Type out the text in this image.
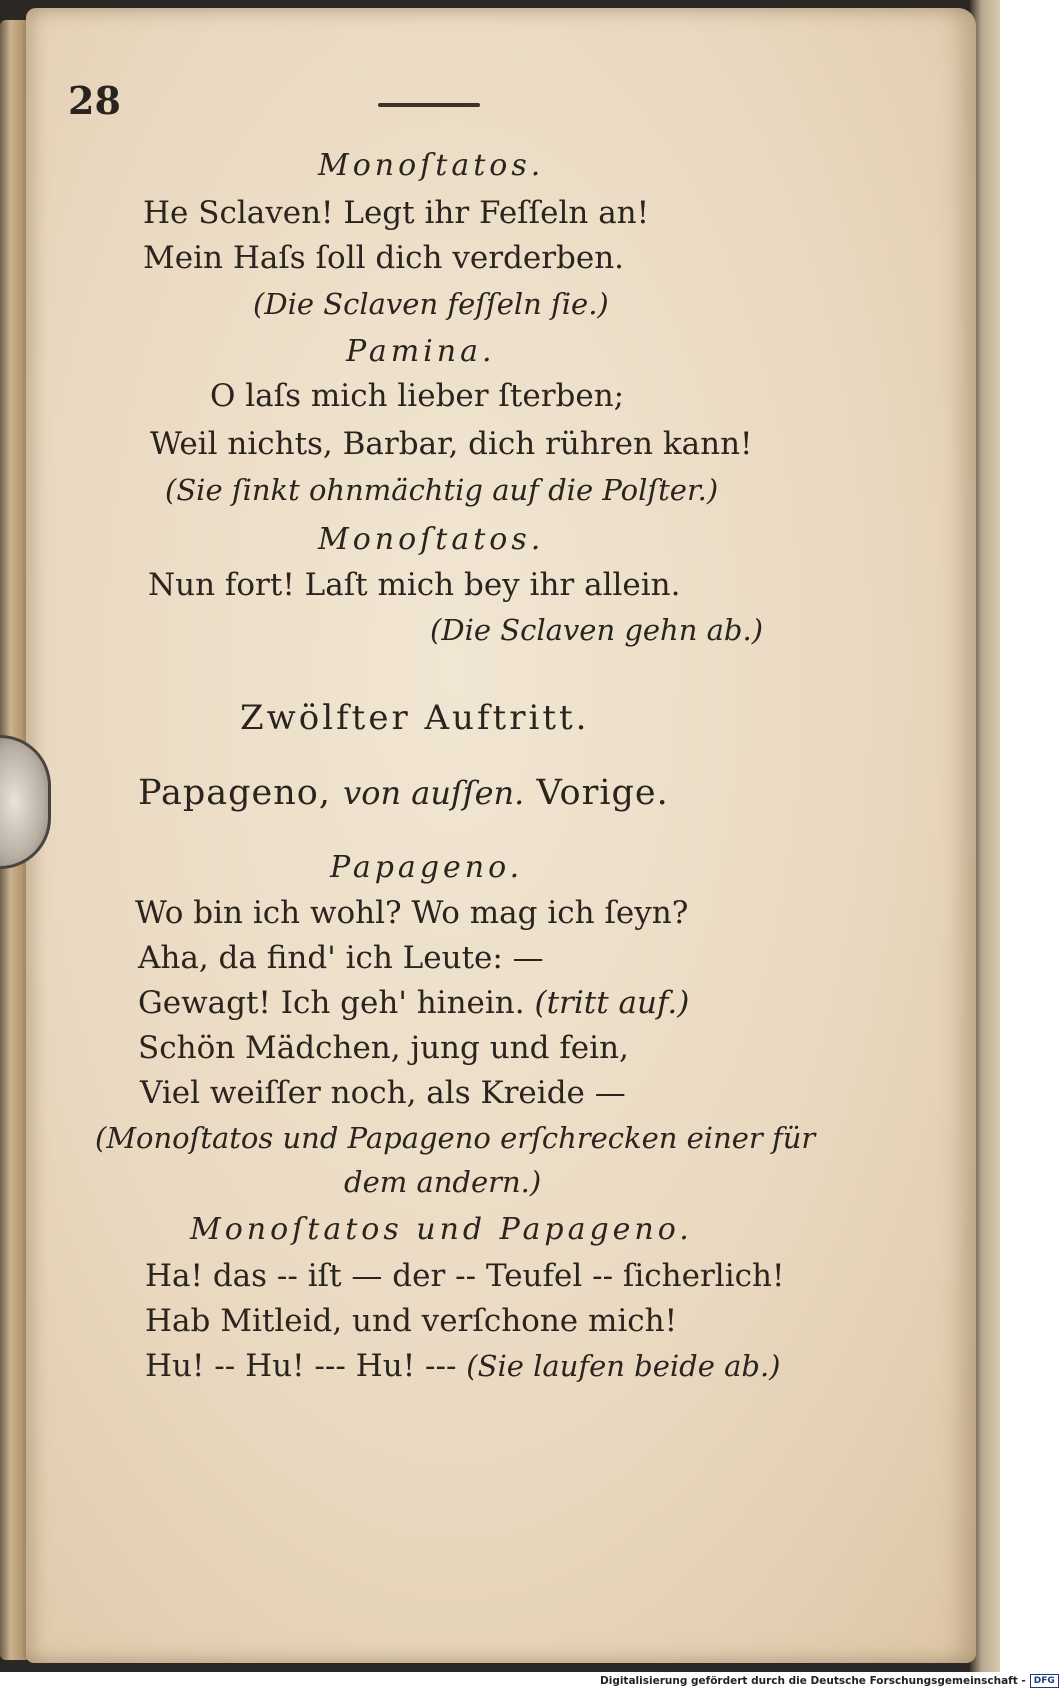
28
Monoſtatos.
He Sclaven! Legt ihr Feſſeln an!
Mein Haſs ſoll dich verderben.
(Die Sclaven feſſeln ſie.)
Pamina.
O laſs mich lieber ſterben;
Weil nichts, Barbar, dich rühren kann!
(Sie ſinkt ohnmächtig auf die Polſter.)
Monoſtatos.
Nun fort! Laſt mich bey ihr allein.
(Die Sclaven gehn ab.)
Zwölfter Auftritt.
Papageno, von auſſen. Vorige.
Papageno.
Wo bin ich wohl? Wo mag ich ſeyn?
Aha, da find' ich Leute: —
Gewagt! Ich geh' hinein. (tritt auf.)
Schön Mädchen, jung und fein,
Viel weiſſer noch, als Kreide —
(Monoſtatos und Papageno erſchrecken einer für
dem andern.)
Monoſtatos und Papageno.
Ha! das -- iſt — der -- Teufel -- ſicherlich!
Hab Mitleid, und verſchone mich!
Hu! -- Hu! --- Hu! --- (Sie laufen beide ab.)
Digitalisierung gefördert durch die Deutsche Forschungsgemeinschaft - DFG
